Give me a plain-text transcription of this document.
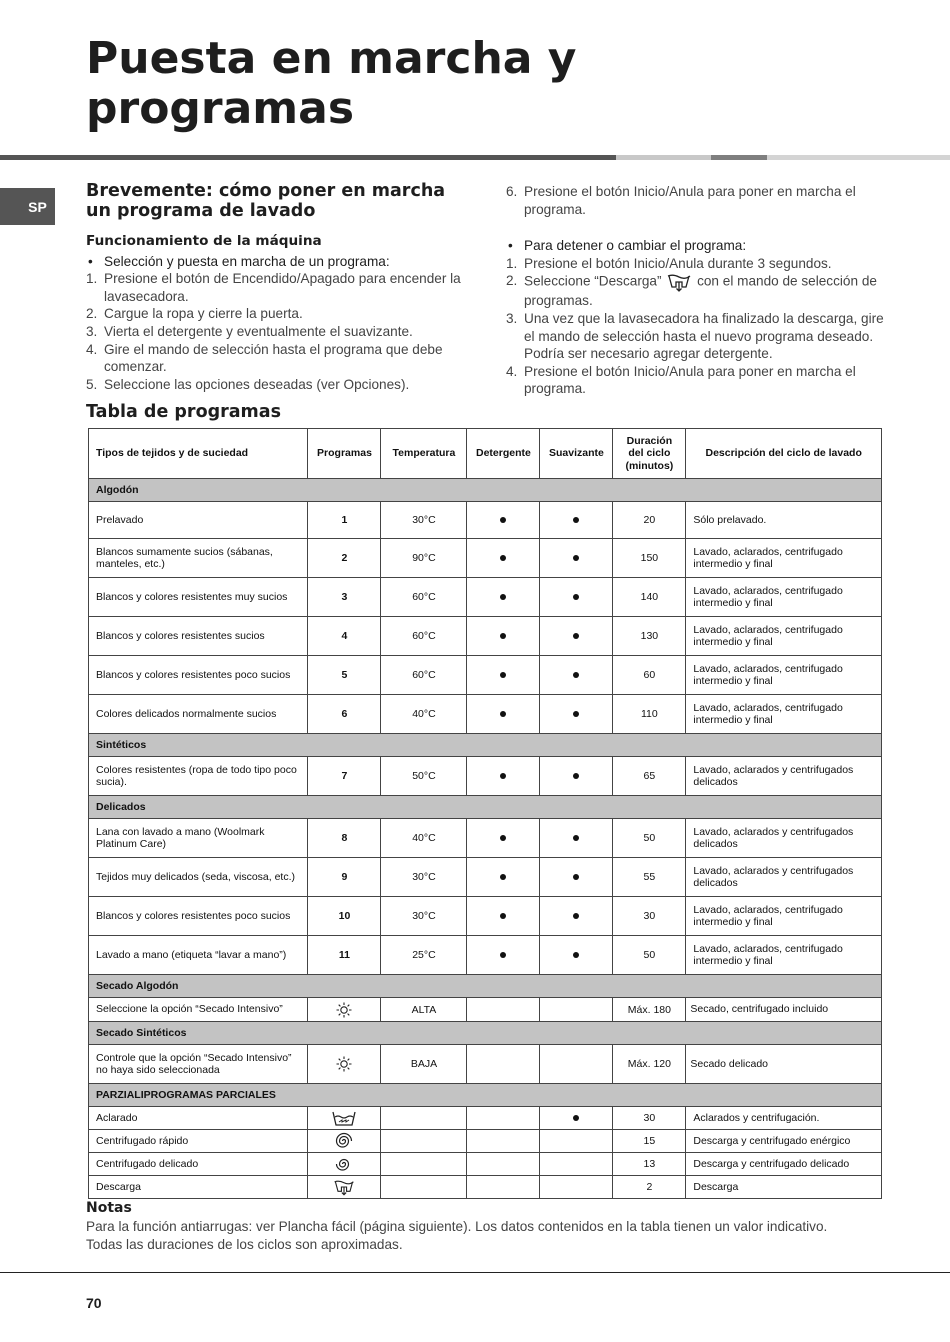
Puesta en marcha y programas
SP
Brevemente: cómo poner en marcha un programa de lavado
Funcionamiento de la máquina
• Selección y puesta en marcha de un programa:
1. Presione el botón de Encendido/Apagado para encender la lavasecadora.
2. Cargue la ropa y cierre la puerta.
3. Vierta el detergente y eventualmente el suavizante.
4. Gire el mando de selección hasta el programa que debe comenzar.
5. Seleccione las opciones deseadas (ver Opciones).
6. Presione el botón Inicio/Anula para poner en marcha el programa.
• Para detener o cambiar el programa:
1. Presione el botón Inicio/Anula durante 3 segundos.
2. Seleccione “Descarga”	con el mando de selección de programas.
3. Una vez que la lavasecadora ha finalizado la descarga, gire el mando de selección hasta el nuevo programa deseado. Podría ser necesario agregar detergente.
4. Presione el botón Inicio/Anula para poner en marcha el programa.
Tabla de programas
Tipos de tejidos y de suciedad	Programas	Temperatura	Detergente	Suavizante	Duración del ciclo (minutos)	Descripción del ciclo de lavado
Algodón						
Prelavado	1	30°C			20	Sólo prelavado.
Blancos sumamente sucios (sábanas, manteles, etc.)	2	90°C			150	Lavado, aclarados, centrifugado intermedio y final
Blancos y colores resistentes muy sucios	3	60°C			140	Lavado, aclarados, centrifugado intermedio y final
Blancos y colores resistentes sucios	4	60°C			130	Lavado, aclarados, centrifugado intermedio y final
Blancos y colores resistentes poco sucios	5	60°C			60	Lavado, aclarados, centrifugado intermedio y final
Colores delicados normalmente sucios	6	40°C			110	Lavado, aclarados, centrifugado intermedio y final
Sintéticos						
Colores resistentes (ropa de todo tipo poco sucia).	7	50°C			65	Lavado, aclarados y centrifugados delicados
Delicados						
Lana con lavado a mano (Woolmark Platinum Care)	8	40°C			50	Lavado, aclarados y centrifugados delicados
Tejidos muy delicados (seda, viscosa, etc.)	9	30°C			55	Lavado, aclarados y centrifugados delicados
Blancos y colores resistentes poco sucios	10	30°C			30	Lavado, aclarados, centrifugado intermedio y final
Lavado a mano (etiqueta “lavar a mano”)	11	25°C			50	Lavado, aclarados, centrifugado intermedio y final
Secado Algodón						
Seleccione la opción “Secado Intensivo”		ALTA			Máx. 180	Secado, centrifugado incluido
Secado Sintéticos						
Controle que la opción “Secado Intensivo” no haya sido seleccionada		BAJA			Máx. 120	Secado delicado
PARZIALIPROGRAMAS PARCIALES						
Aclarado					30	Aclarados y centrifugación.
Centrifugado rápido					15	Descarga y centrifugado enérgico
Centrifugado delicado					13	Descarga y centrifugado delicado
Descarga					2	Descarga
Notas
Para la función antiarrugas: ver Plancha fácil (página siguiente). Los datos contenidos en la tabla tienen un valor indicativo. Todas las duraciones de los ciclos son aproximadas.
70
